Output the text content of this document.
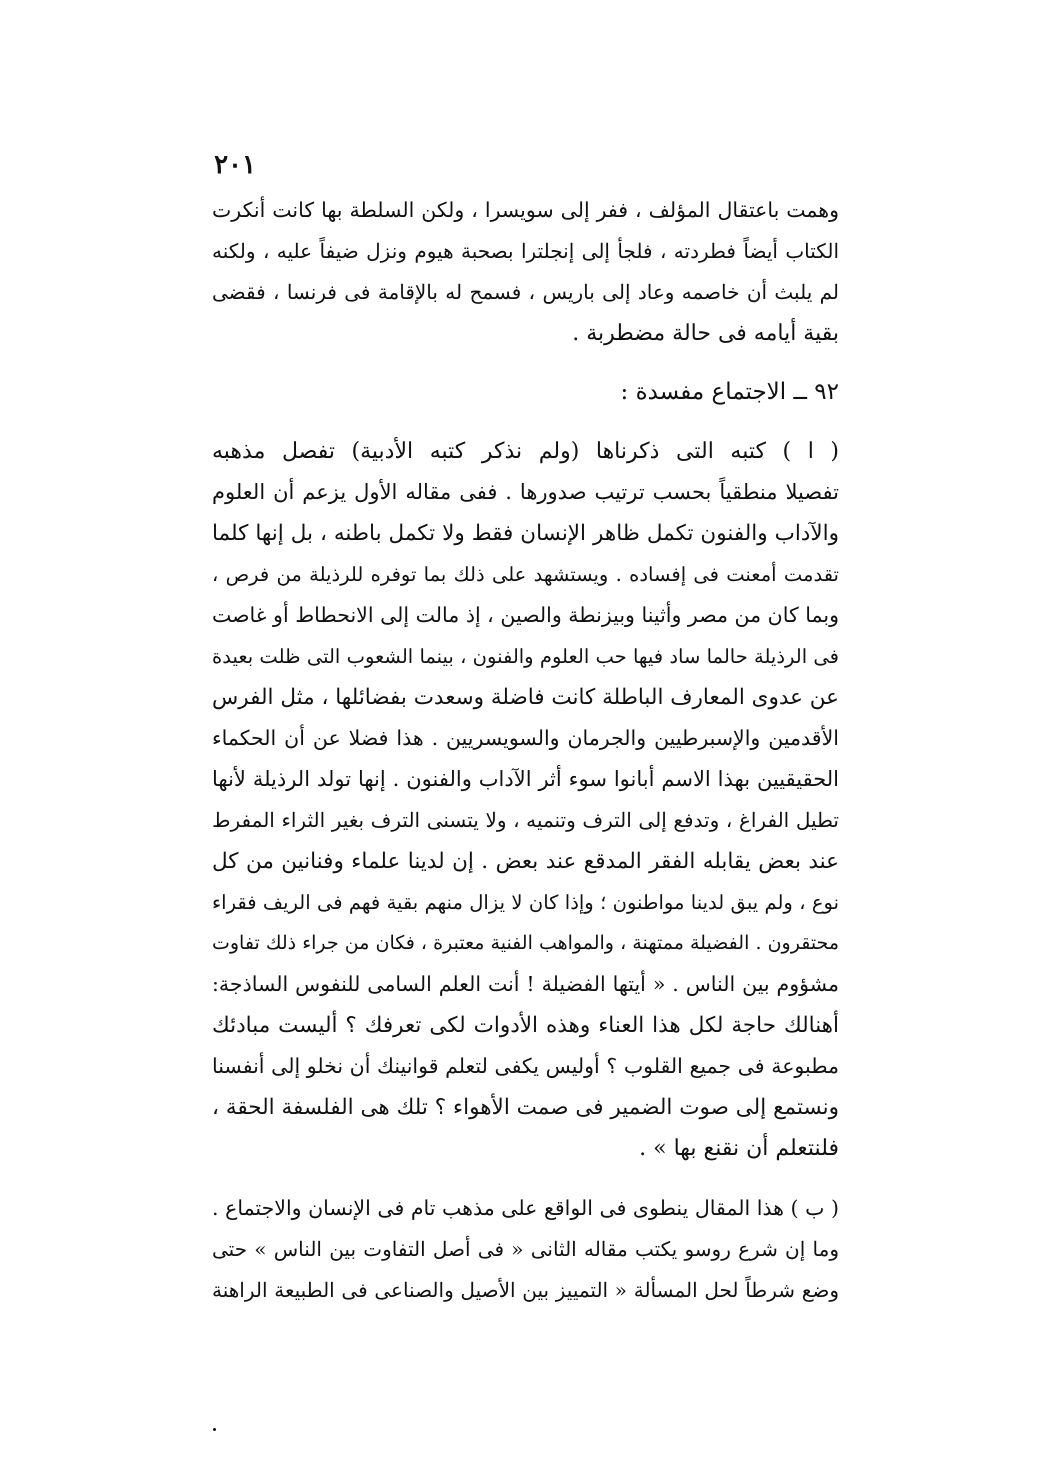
٢٠١
وهمت باعتقال المؤلف ، ففر إلى سويسرا ، ولكن السلطة بها كانت أنكرت
الكتاب أيضاً فطردته ، فلجأ إلى إنجلترا بصحبة هيوم ونزل ضيفاً عليه ، ولكنه
لم يلبث أن خاصمه وعاد إلى باريس ، فسمح له بالإقامة فى فرنسا ، فقضى
بقية أيامه فى حالة مضطربة .
٩٢ ــ الاجتماع مفسدة :
( ا ) كتبه التى ذكرناها (ولم نذكر كتبه الأدبية) تفصل مذهبه
تفصيلا منطقياً بحسب ترتيب صدورها . ففى مقاله الأول يزعم أن العلوم
والآداب والفنون تكمل ظاهر الإنسان فقط ولا تكمل باطنه ، بل إنها كلما
تقدمت أمعنت فى إفساده . ويستشهد على ذلك بما توفره للرذيلة من فرص ،
وبما كان من مصر وأثينا وبيزنطة والصين ، إذ مالت إلى الانحطاط أو غاصت
فى الرذيلة حالما ساد فيها حب العلوم والفنون ، بينما الشعوب التى ظلت بعيدة
عن عدوى المعارف الباطلة كانت فاضلة وسعدت بفضائلها ، مثل الفرس
الأقدمين والإسبرطيين والجرمان والسويسريين . هذا فضلا عن أن الحكماء
الحقيقيين بهذا الاسم أبانوا سوء أثر الآداب والفنون . إنها تولد الرذيلة لأنها
تطيل الفراغ ، وتدفع إلى الترف وتنميه ، ولا يتسنى الترف بغير الثراء المفرط
عند بعض يقابله الفقر المدقع عند بعض . إن لدينا علماء وفنانين من كل
نوع ، ولم يبق لدينا مواطنون ؛ وإذا كان لا يزال منهم بقية فهم فى الريف فقراء
محتقرون . الفضيلة ممتهنة ، والمواهب الفنية معتبرة ، فكان من جراء ذلك تفاوت
مشؤوم بين الناس . « أيتها الفضيلة ! أنت العلم السامى للنفوس الساذجة:
أهنالك حاجة لكل هذا العناء وهذه الأدوات لكى تعرفك ؟ أليست مبادئك
مطبوعة فى جميع القلوب ؟ أوليس يكفى لتعلم قوانينك أن نخلو إلى أنفسنا
ونستمع إلى صوت الضمير فى صمت الأهواء ؟ تلك هى الفلسفة الحقة ،
فلنتعلم أن نقنع بها » .
( ب ) هذا المقال ينطوى فى الواقع على مذهب تام فى الإنسان والاجتماع .
وما إن شرع روسو يكتب مقاله الثانى « فى أصل التفاوت بين الناس » حتى
وضع شرطاً لحل المسألة « التمييز بين الأصيل والصناعى فى الطبيعة الراهنة
